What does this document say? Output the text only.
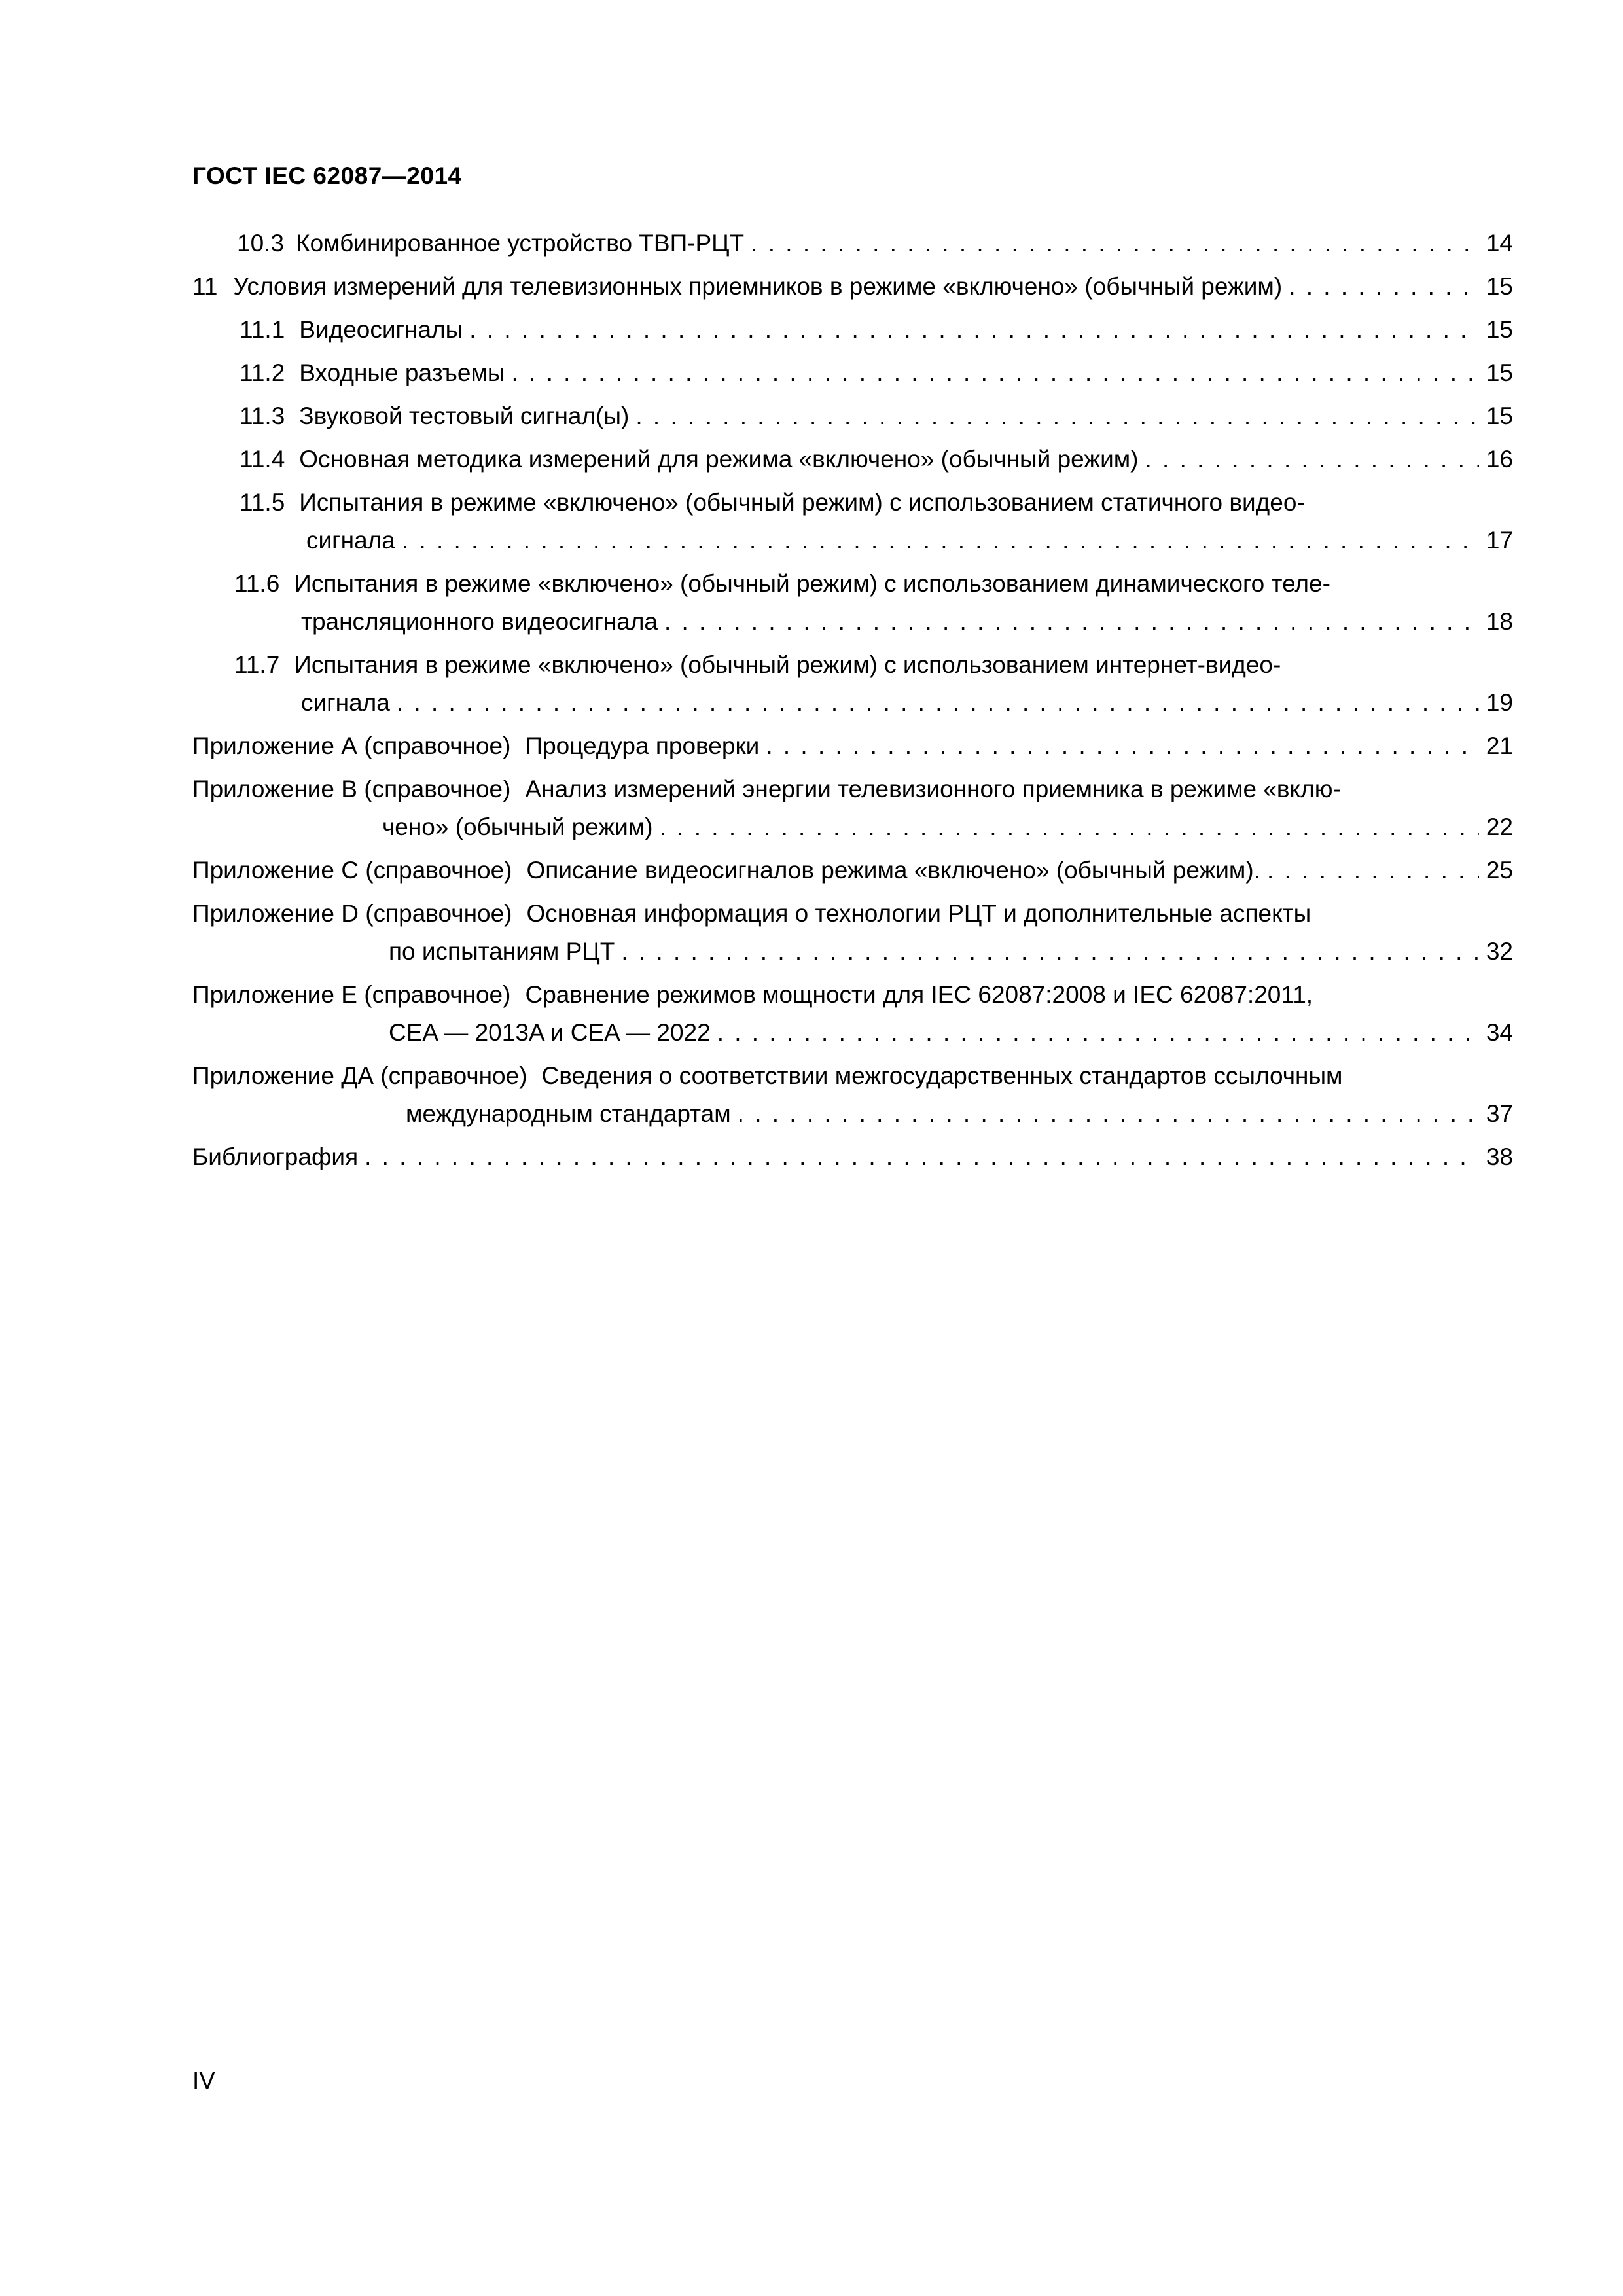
ГОСТ IEC 62087—2014
10.3 Комбинированное устройство ТВП-РЦТ . . .	14
11 Условия измерений для телевизионных приемников в режиме «включено» (обычный режим) . . .	15
11.1 Видеосигналы . . .	15
11.2 Входные разъемы . . .	15
11.3 Звуковой тестовый сигнал(ы) . . .	15
11.4 Основная методика измерений для режима «включено» (обычный режим) . . .	16
11.5 Испытания в режиме «включено» (обычный режим) с использованием статичного видео-
сигнала . . .	17
11.6 Испытания в режиме «включено» (обычный режим) с использованием динамического теле-
трансляционного видеосигнала . . .	18
11.7 Испытания в режиме «включено» (обычный режим) с использованием интернет-видео-
сигнала . . .	19
Приложение А (справочное) Процедура проверки . . .	21
Приложение В (справочное) Анализ измерений энергии телевизионного приемника в режиме «вклю-
чено» (обычный режим) . . .	22
Приложение С (справочное) Описание видеосигналов режима «включено» (обычный режим). . . .	25
Приложение D (справочное) Основная информация о технологии РЦТ и дополнительные аспекты
по испытаниям РЦТ . . .	32
Приложение Е (справочное) Сравнение режимов мощности для IEC 62087:2008 и IEC 62087:2011,
CEA — 2013A и CEA — 2022 . . .	34
Приложение ДА (справочное) Сведения о соответствии межгосударственных стандартов ссылочным
международным стандартам . . .	37
Библиография . . .	38
IV
